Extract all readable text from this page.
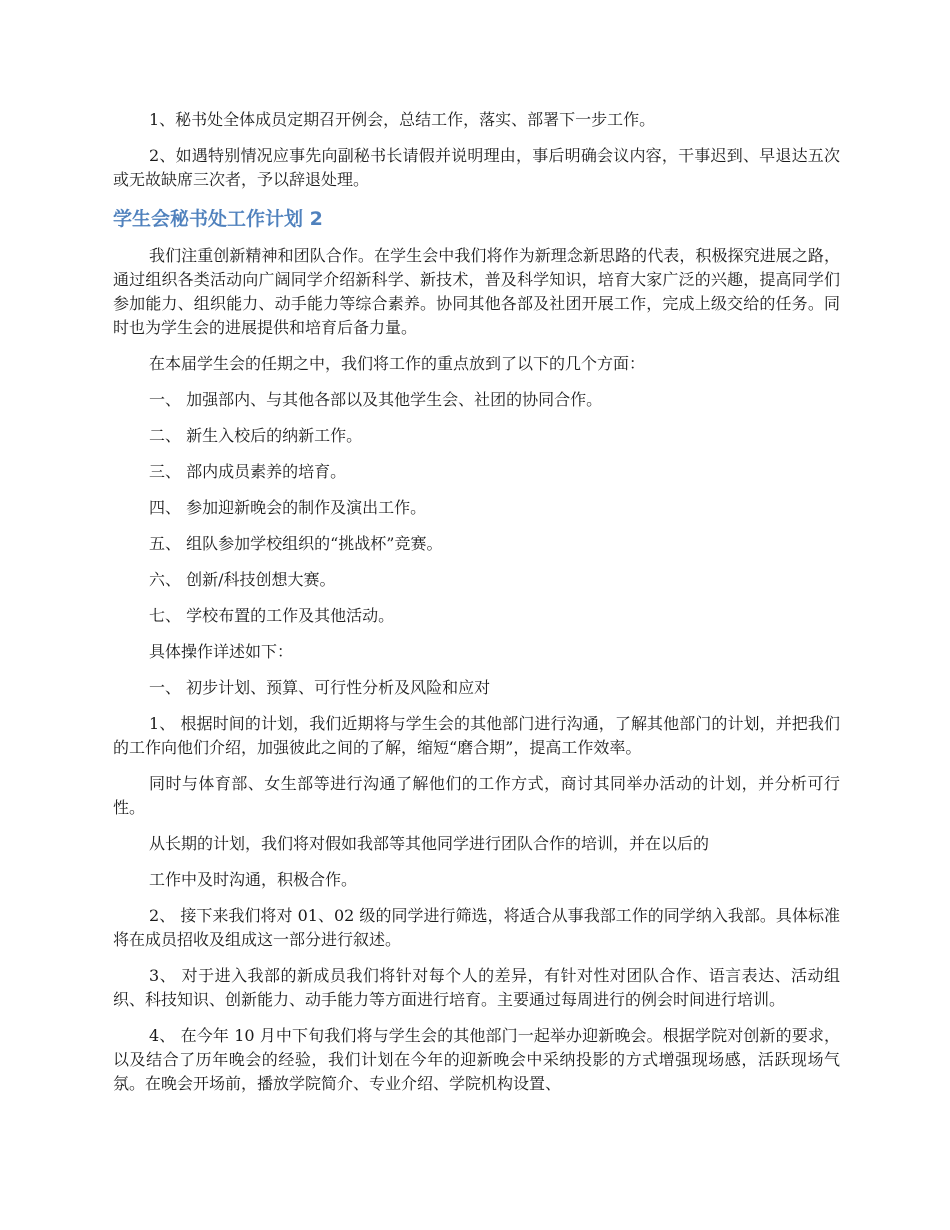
1、秘书处全体成员定期召开例会，总结工作，落实、部署下一步工作。

2、如遇特别情况应事先向副秘书长请假并说明理由，事后明确会议内容，干事迟到、早退达五次或无故缺席三次者，予以辞退处理。

学生会秘书处工作计划 2

我们注重创新精神和团队合作。在学生会中我们将作为新理念新思路的代表，积极探究进展之路，通过组织各类活动向广阔同学介绍新科学、新技术，普及科学知识，培育大家广泛的兴趣，提高同学们参加能力、组织能力、动手能力等综合素养。协同其他各部及社团开展工作，完成上级交给的任务。同时也为学生会的进展提供和培育后备力量。

在本届学生会的任期之中，我们将工作的重点放到了以下的几个方面：

一、 加强部内、与其他各部以及其他学生会、社团的协同合作。

二、 新生入校后的纳新工作。

三、 部内成员素养的培育。

四、 参加迎新晚会的制作及演出工作。

五、 组队参加学校组织的“挑战杯”竞赛。

六、 创新/科技创想大赛。

七、 学校布置的工作及其他活动。

具体操作详述如下：

一、 初步计划、预算、可行性分析及风险和应对

1、 根据时间的计划，我们近期将与学生会的其他部门进行沟通，了解其他部门的计划，并把我们的工作向他们介绍，加强彼此之间的了解，缩短“磨合期”，提高工作效率。

同时与体育部、女生部等进行沟通了解他们的工作方式，商讨其同举办活动的计划，并分析可行性。

从长期的计划，我们将对假如我部等其他同学进行团队合作的培训，并在以后的

工作中及时沟通，积极合作。

2、 接下来我们将对 01、02 级的同学进行筛选，将适合从事我部工作的同学纳入我部。具体标准将在成员招收及组成这一部分进行叙述。

3、 对于进入我部的新成员我们将针对每个人的差异，有针对性对团队合作、语言表达、活动组织、科技知识、创新能力、动手能力等方面进行培育。主要通过每周进行的例会时间进行培训。

4、 在今年 10 月中下旬我们将与学生会的其他部门一起举办迎新晚会。根据学院对创新的要求，以及结合了历年晚会的经验，我们计划在今年的迎新晚会中采纳投影的方式增强现场感，活跃现场气氛。在晚会开场前，播放学院简介、专业介绍、学院机构设置、
